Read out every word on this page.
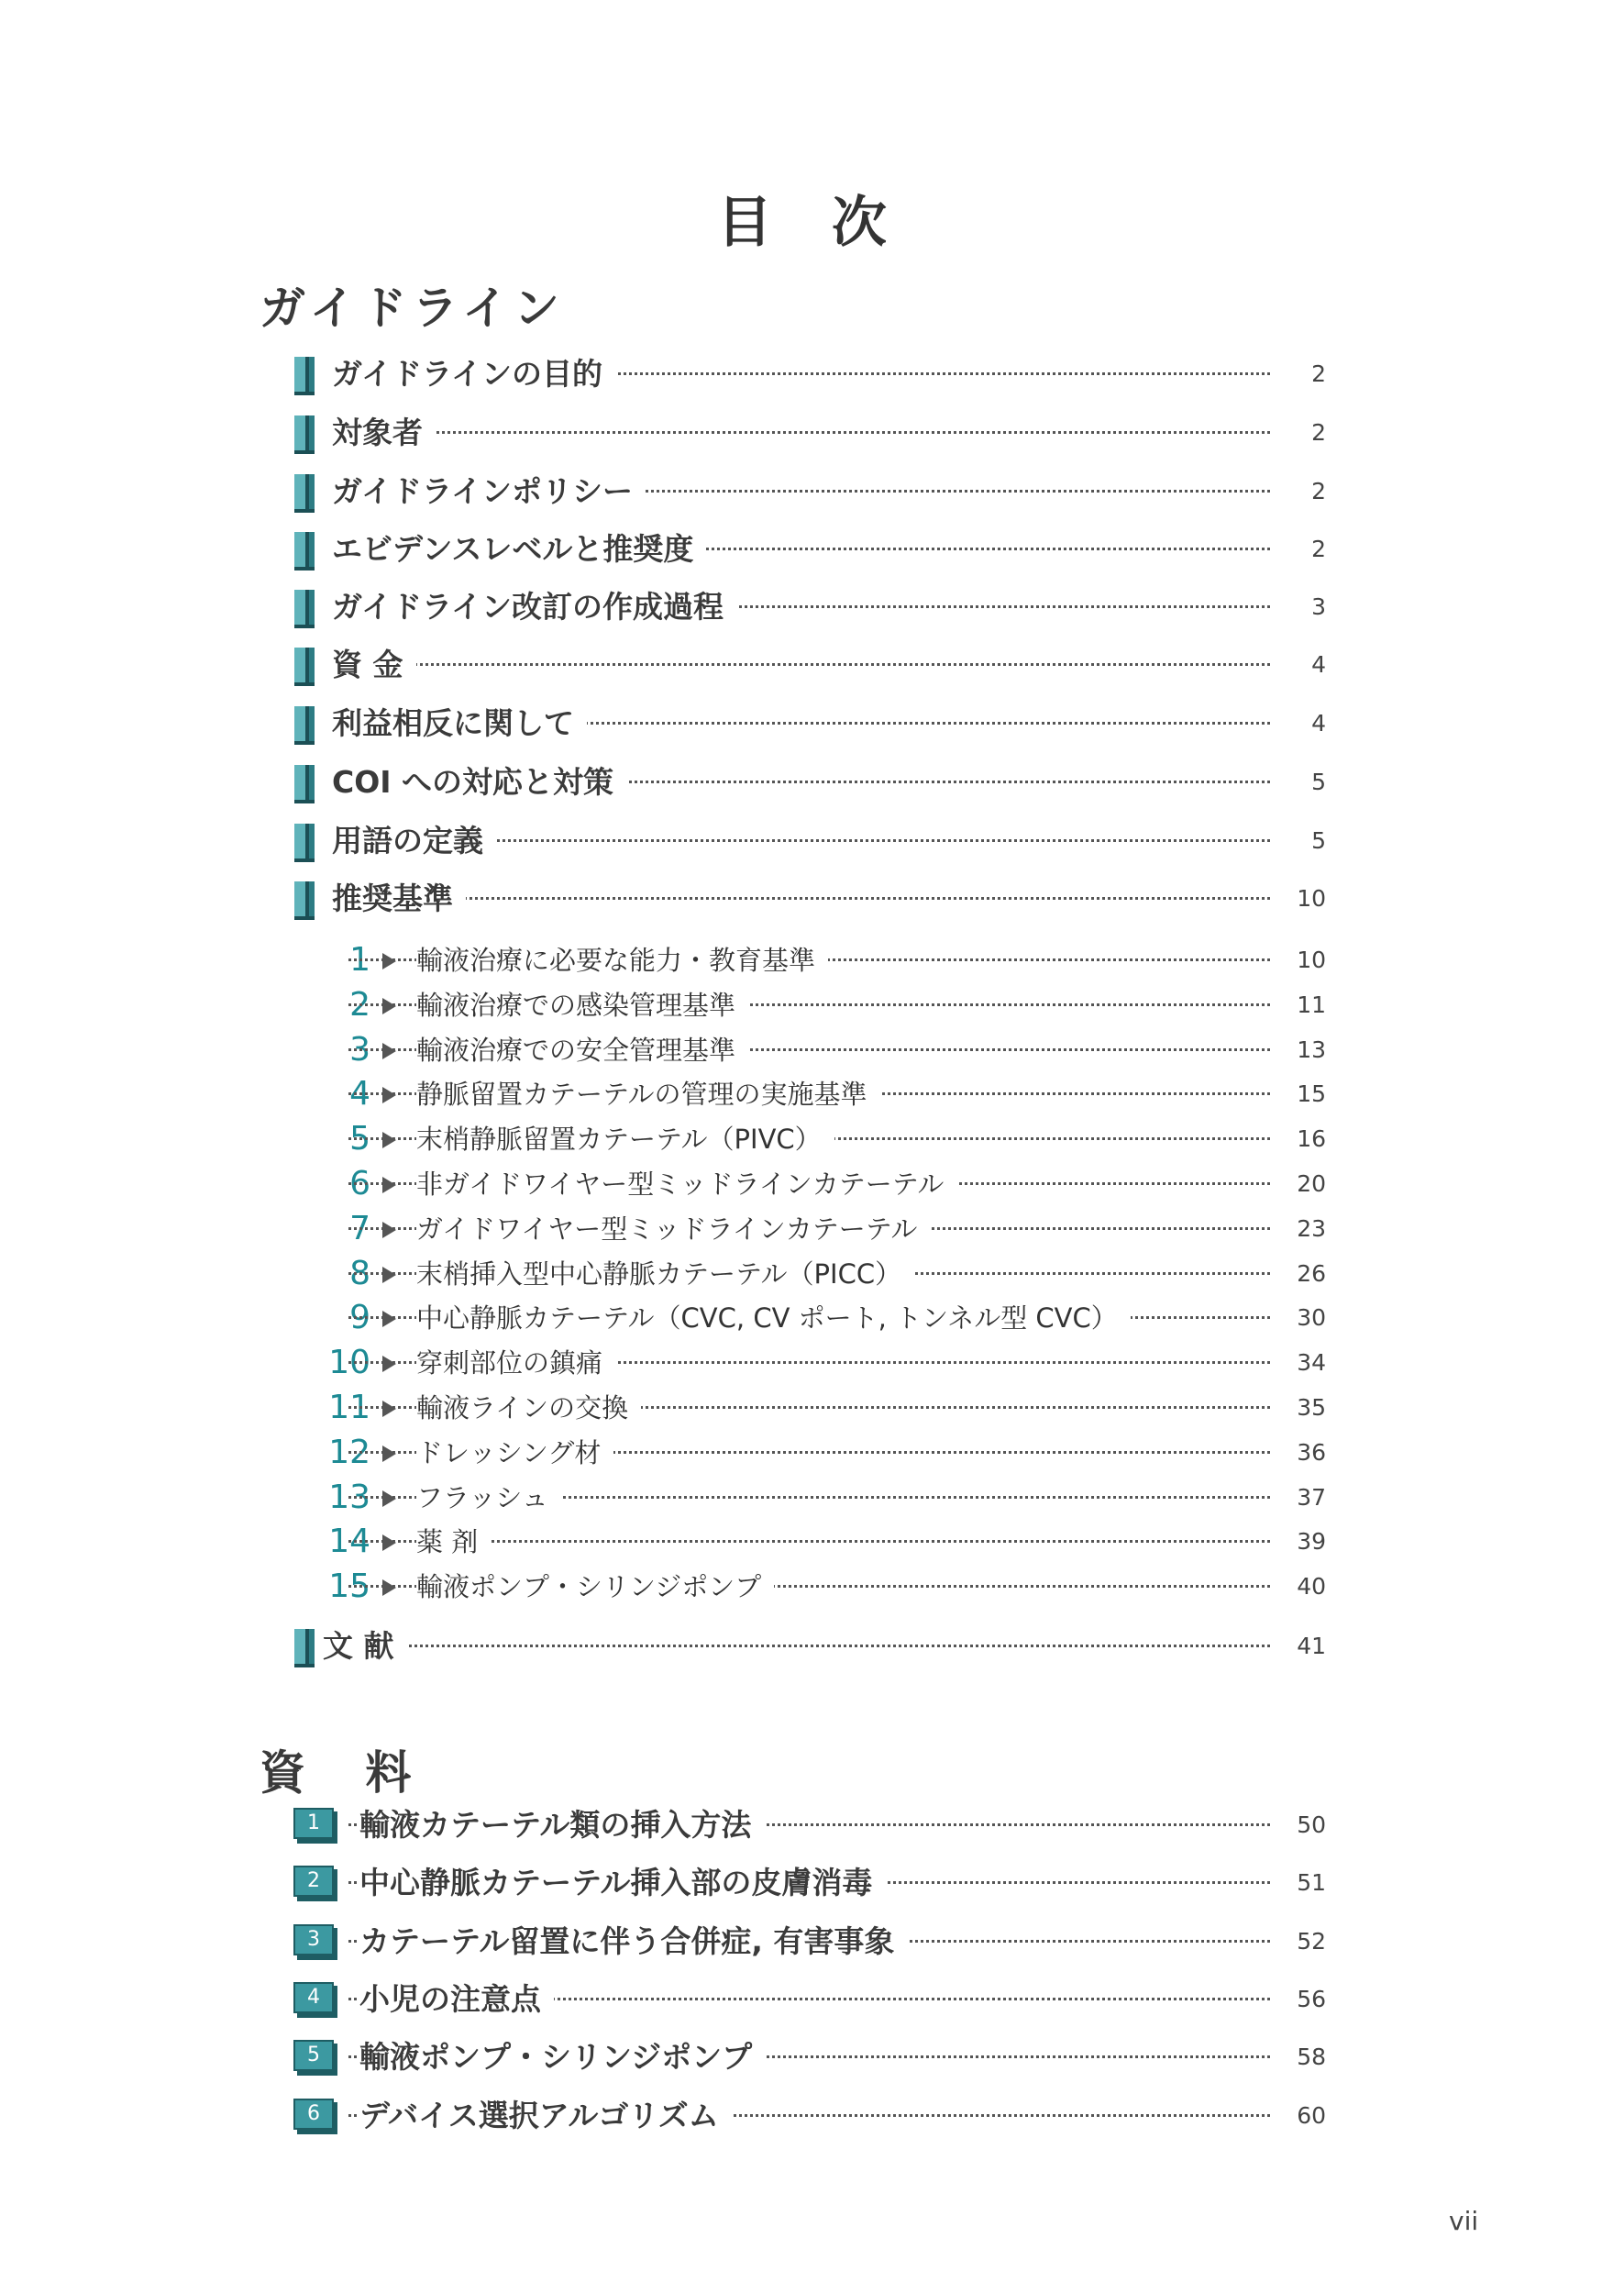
目 次
ガイドライン
ガイドラインの目的	2
対象者	2
ガイドラインポリシー	2
エビデンスレベルと推奨度	2
ガイドライン改訂の作成過程	3
資 金	4
利益相反に関して	4
COI への対応と対策	5
用語の定義	5
推奨基準	10
1 輸液治療に必要な能力・教育基準	10
2 輸液治療での感染管理基準	11
3 輸液治療での安全管理基準	13
4 静脈留置カテーテルの管理の実施基準	15
5 末梢静脈留置カテーテル（PIVC）	16
6 非ガイドワイヤー型ミッドラインカテーテル	20
7 ガイドワイヤー型ミッドラインカテーテル	23
8 末梢挿入型中心静脈カテーテル（PICC）	26
9 中心静脈カテーテル（CVC, CV ポート, トンネル型 CVC）	30
10 穿刺部位の鎮痛	34
11 輸液ラインの交換	35
12 ドレッシング材	36
13 フラッシュ	37
14 薬 剤	39
15 輸液ポンプ・シリンジポンプ	40
文 献	41
資 料
1	輸液カテーテル類の挿入方法	50
2	中心静脈カテーテル挿入部の皮膚消毒	51
3	カテーテル留置に伴う合併症, 有害事象	52
4	小児の注意点	56
5	輸液ポンプ・シリンジポンプ	58
6	デバイス選択アルゴリズム	60
vii
